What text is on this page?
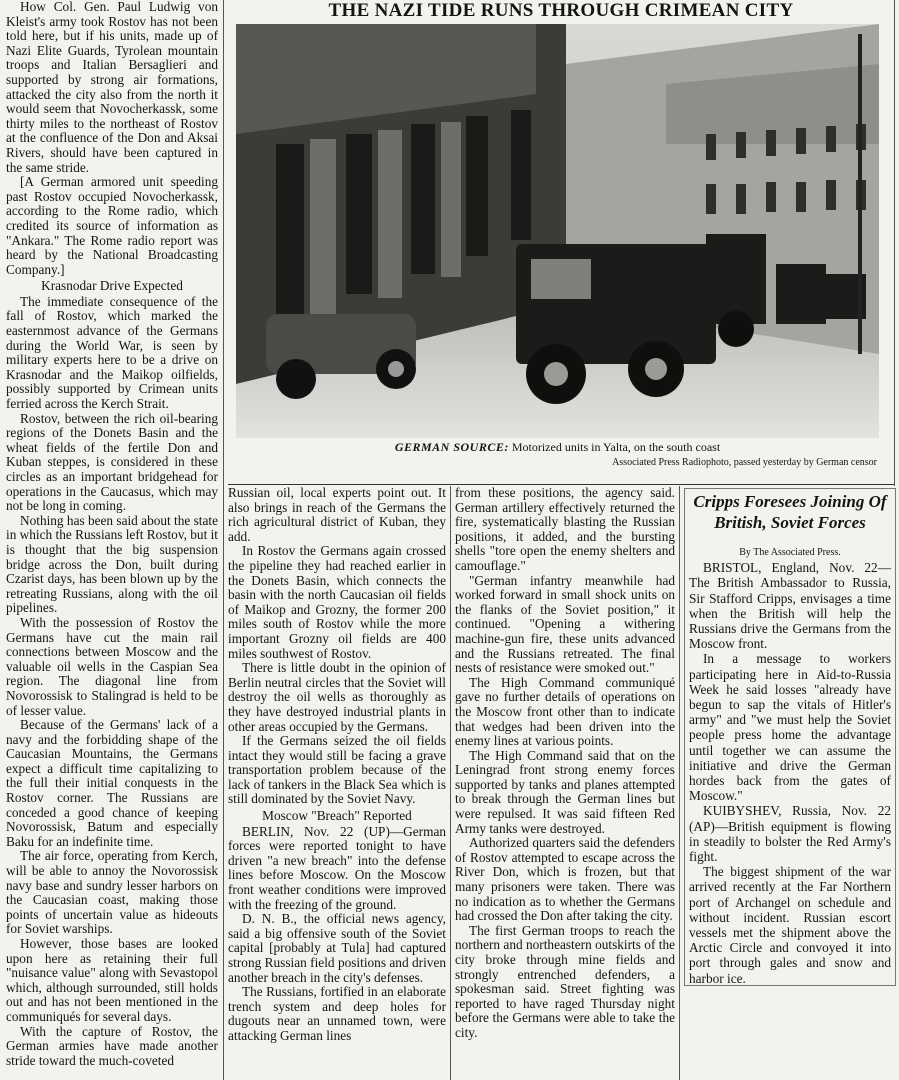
How Col. Gen. Paul Ludwig von Kleist's army took Rostov has not been told here, but if his units, made up of Nazi Elite Guards, Tyrolean mountain troops and Italian Bersaglieri and supported by strong air formations, attacked the city also from the north it would seem that Novocherkassk, some thirty miles to the northeast of Rostov at the confluence of the Don and Aksai Rivers, should have been captured in the same stride.

[A German armored unit speeding past Rostov occupied Novocherkassk, according to the Rome radio, which credited its source of information as "Ankara." The Rome radio report was heard by the National Broadcasting Company.]

Krasnodar Drive Expected

The immediate consequence of the fall of Rostov, which marked the easternmost advance of the Germans during the World War, is seen by military experts here to be a drive on Krasnodar and the Maikop oilfields, possibly supported by Crimean units ferried across the Kerch Strait.

Rostov, between the rich oil-bearing regions of the Donets Basin and the wheat fields of the fertile Don and Kuban steppes, is considered in these circles as an important bridgehead for operations in the Caucasus, which may not be long in coming.

Nothing has been said about the state in which the Russians left Rostov, but it is thought that the big suspension bridge across the Don, built during Czarist days, has been blown up by the retreating Russians, along with the oil pipelines.

With the possession of Rostov the Germans have cut the main rail connections between Moscow and the valuable oil wells in the Caspian Sea region. The diagonal line from Novorossisk to Stalingrad is held to be of lesser value.

Because of the Germans' lack of a navy and the forbidding shape of the Caucasian Mountains, the Germans expect a difficult time capitalizing to the full their initial conquests in the Rostov corner. The Russians are conceded a good chance of keeping Novorossisk, Batum and especially Baku for an indefinite time.

The air force, operating from Kerch, will be able to annoy the Novorossisk navy base and sundry lesser harbors on the Caucasian coast, making those points of uncertain value as hideouts for Soviet warships.

However, those bases are looked upon here as retaining their full "nuisance value" along with Sevastopol which, although surrounded, still holds out and has not been mentioned in the communiqués for several days.

With the capture of Rostov, the German armies have made another stride toward the much-coveted

THE NAZI TIDE RUNS THROUGH CRIMEAN CITY
GERMAN SOURCE: Motorized units in Yalta, on the south coast
Associated Press Radiophoto, passed yesterday by German censor

Russian oil, local experts point out. It also brings in reach of the Germans the rich agricultural district of Kuban, they add.

In Rostov the Germans again crossed the pipeline they had reached earlier in the Donets Basin, which connects the basin with the north Caucasian oil fields of Maikop and Grozny, the former 200 miles south of Rostov while the more important Grozny oil fields are 400 miles southwest of Rostov.

There is little doubt in the opinion of Berlin neutral circles that the Soviet will destroy the oil wells as thoroughly as they have destroyed industrial plants in other areas occupied by the Germans.

If the Germans seized the oil fields intact they would still be facing a grave transportation problem because of the lack of tankers in the Black Sea which is still dominated by the Soviet Navy.

Moscow "Breach" Reported

BERLIN, Nov. 22 (UP)—German forces were reported tonight to have driven "a new breach" into the defense lines before Moscow. On the Moscow front weather conditions were improved with the freezing of the ground.

D. N. B., the official news agency, said a big offensive south of the Soviet capital [probably at Tula] had captured strong Russian field positions and driven another breach in the city's defenses.

The Russians, fortified in an elaborate trench system and deep holes for dugouts near an unnamed town, were attacking German lines

from these positions, the agency said. German artillery effectively returned the fire, systematically blasting the Russian positions, it added, and the bursting shells "tore open the enemy shelters and camouflage."

"German infantry meanwhile had worked forward in small shock units on the flanks of the Soviet position," it continued. "Opening a withering machine-gun fire, these units advanced and the Russians retreated. The final nests of resistance were smoked out."

The High Command communiqué gave no further details of operations on the Moscow front other than to indicate that wedges had been driven into the enemy lines at various points.

The High Command said that on the Leningrad front strong enemy forces supported by tanks and planes attempted to break through the German lines but were repulsed. It was said fifteen Red Army tanks were destroyed.

Authorized quarters said the defenders of Rostov attempted to escape across the River Don, which is frozen, but that many prisoners were taken. There was no indication as to whether the Germans had crossed the Don after taking the city.

The first German troops to reach the northern and northeastern outskirts of the city broke through mine fields and strongly entrenched defenders, a spokesman said. Street fighting was reported to have raged Thursday night before the Germans were able to take the city.

Cripps Foresees Joining Of British, Soviet Forces

By The Associated Press.

BRISTOL, England, Nov. 22—The British Ambassador to Russia, Sir Stafford Cripps, envisages a time when the British will help the Russians drive the Germans from the Moscow front.

In a message to workers participating here in Aid-to-Russia Week he said losses "already have begun to sap the vitals of Hitler's army" and "we must help the Soviet people press home the advantage until together we can assume the initiative and drive the German hordes back from the gates of Moscow."

KUIBYSHEV, Russia, Nov. 22 (AP)—British equipment is flowing in steadily to bolster the Red Army's fight.

The biggest shipment of the war arrived recently at the Far Northern port of Archangel on schedule and without incident. Russian escort vessels met the shipment above the Arctic Circle and convoyed it into port through gales and snow and harbor ice.
